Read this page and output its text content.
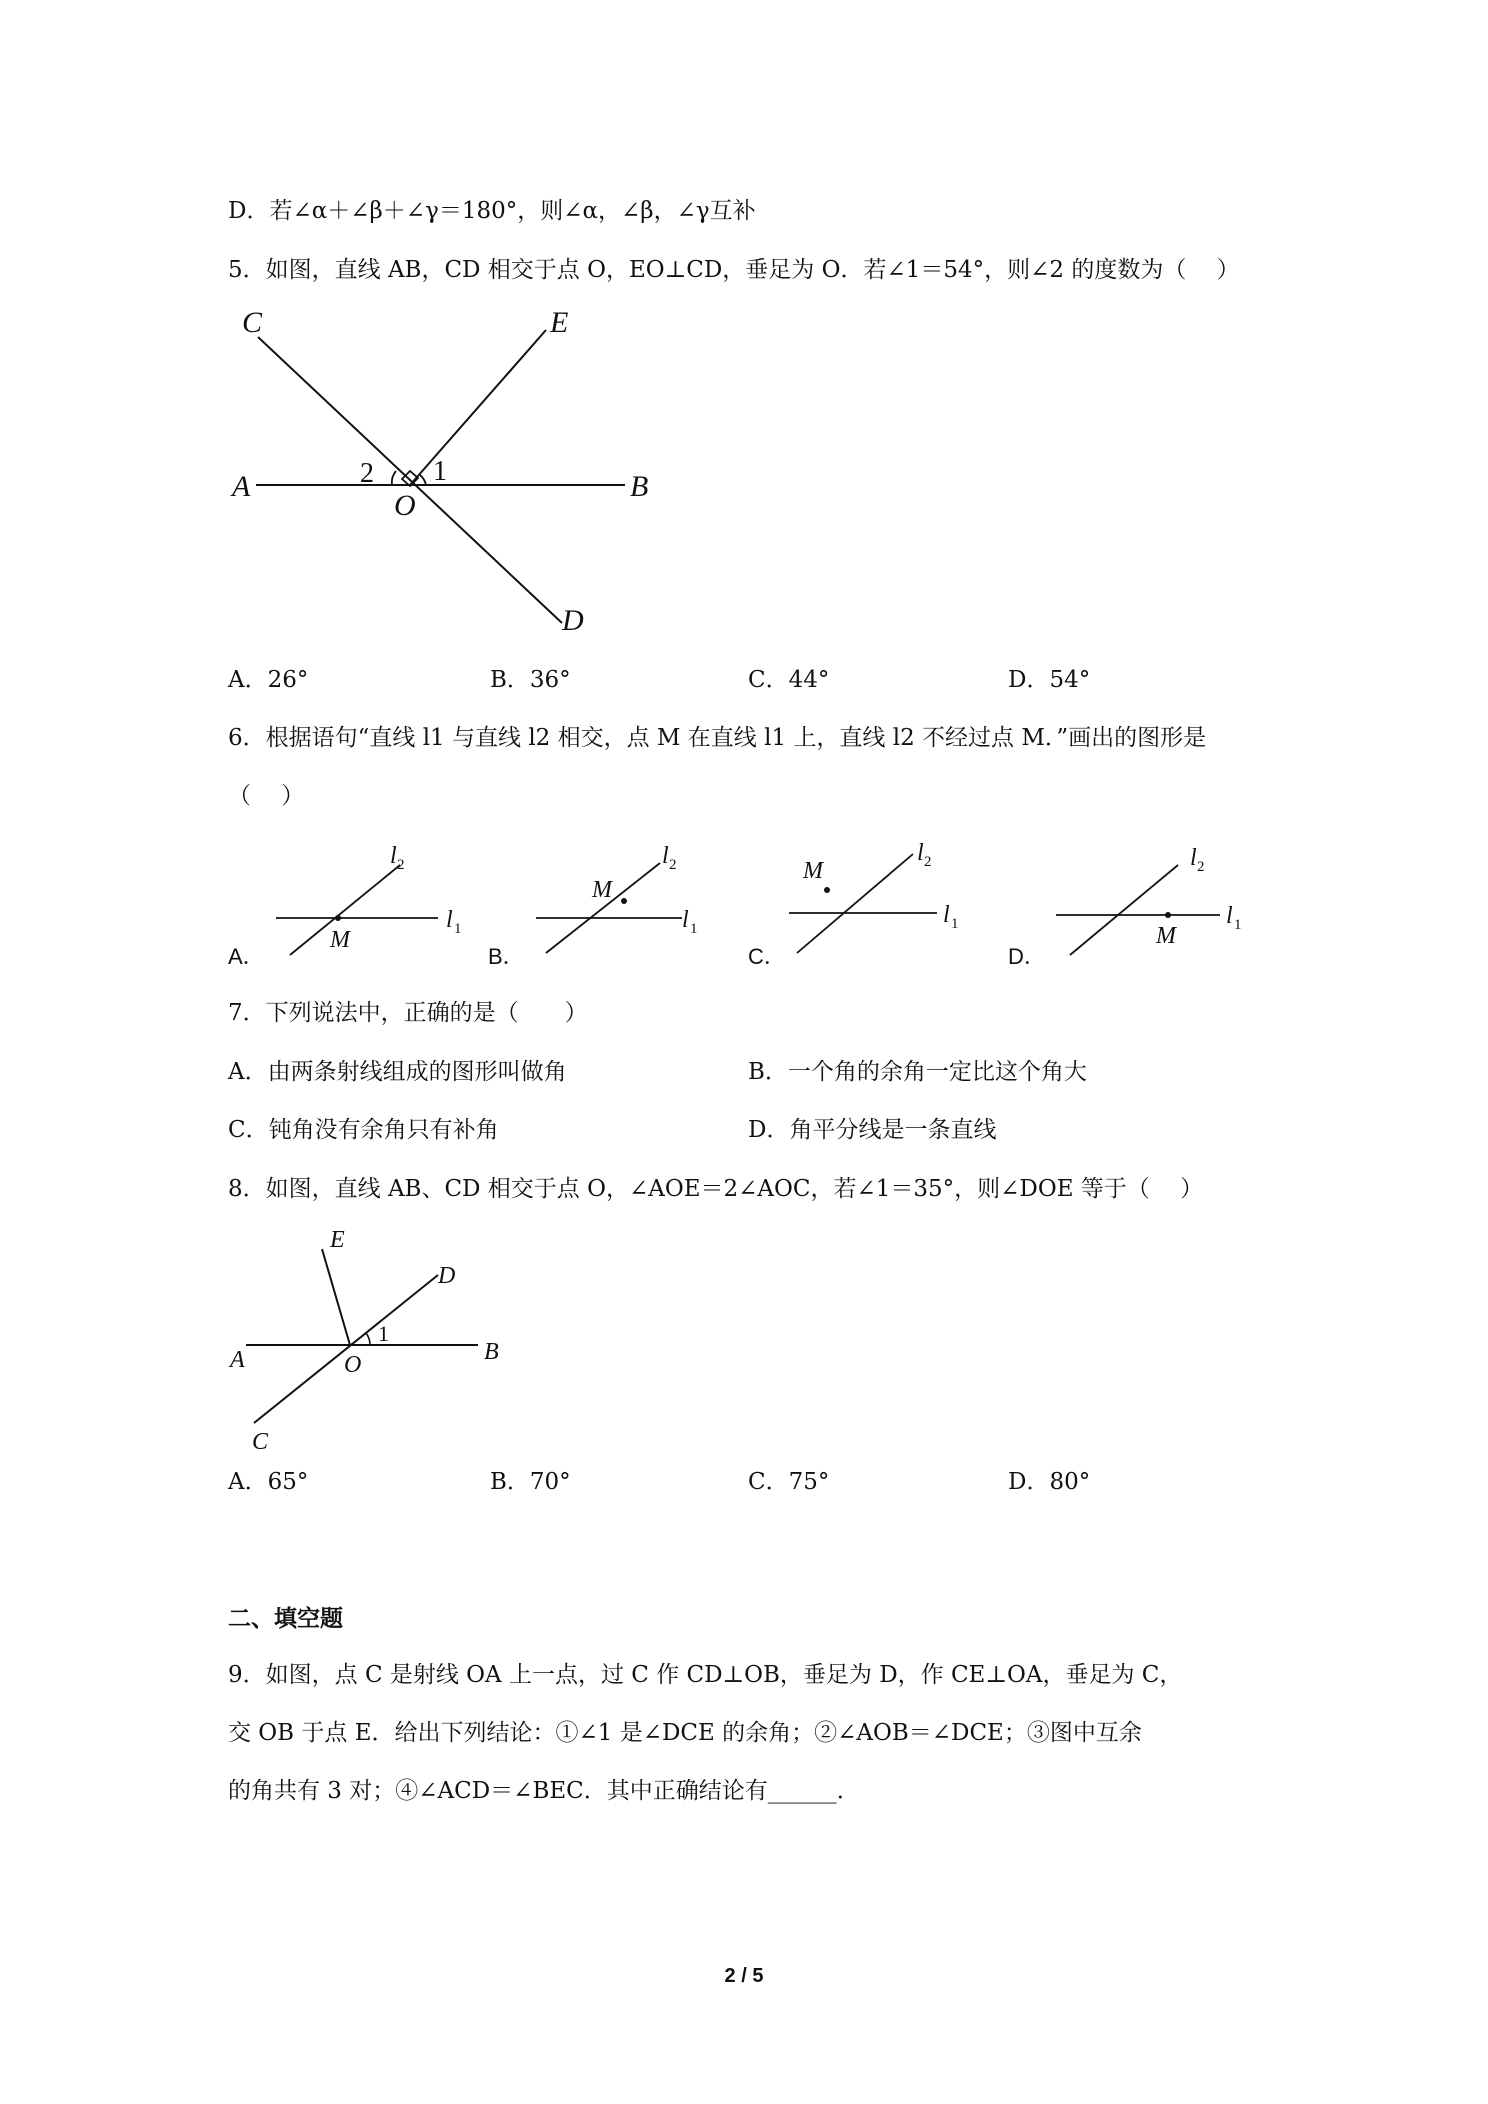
D．若∠α＋∠β＋∠γ＝180°，则∠α，∠β，∠γ互补
5．如图，直线 AB，CD 相交于点 O，EO⊥CD，垂足为 O．若∠1＝54°，则∠2 的度数为（　 ）
C	E
A	B
O
D
2 1
A．26°	B．36°	C．44°	D．54°
6．根据语句“直线 l1 与直线 l2 相交，点 M 在直线 l1 上，直线 l2 不经过点 M．”画出的图形是
（　 ）
A．
M
l 1
l 2
B．
M
l 1
l 2
C．
M
l 1
l 2
D．
M
l 1
l 2
7．下列说法中，正确的是（　　）
A．由两条射线组成的图形叫做角	B．一个角的余角一定比这个角大
C．钝角没有余角只有补角	D．角平分线是一条直线
8．如图，直线 AB、CD 相交于点 O，∠AOE＝2∠AOC，若∠1＝35°，则∠DOE 等于（　 ）
E
D
A	O	B
C
1
A．65°	B．70°	C．75°	D．80°
二、填空题
9．如图，点 C 是射线 OA 上一点，过 C 作 CD⊥OB，垂足为 D，作 CE⊥OA，垂足为 C，
交 OB 于点 E．给出下列结论：①∠1 是∠DCE 的余角；②∠AOB＝∠DCE；③图中互余
的角共有 3 对；④∠ACD＝∠BEC．其中正确结论有______．
2 / 5
